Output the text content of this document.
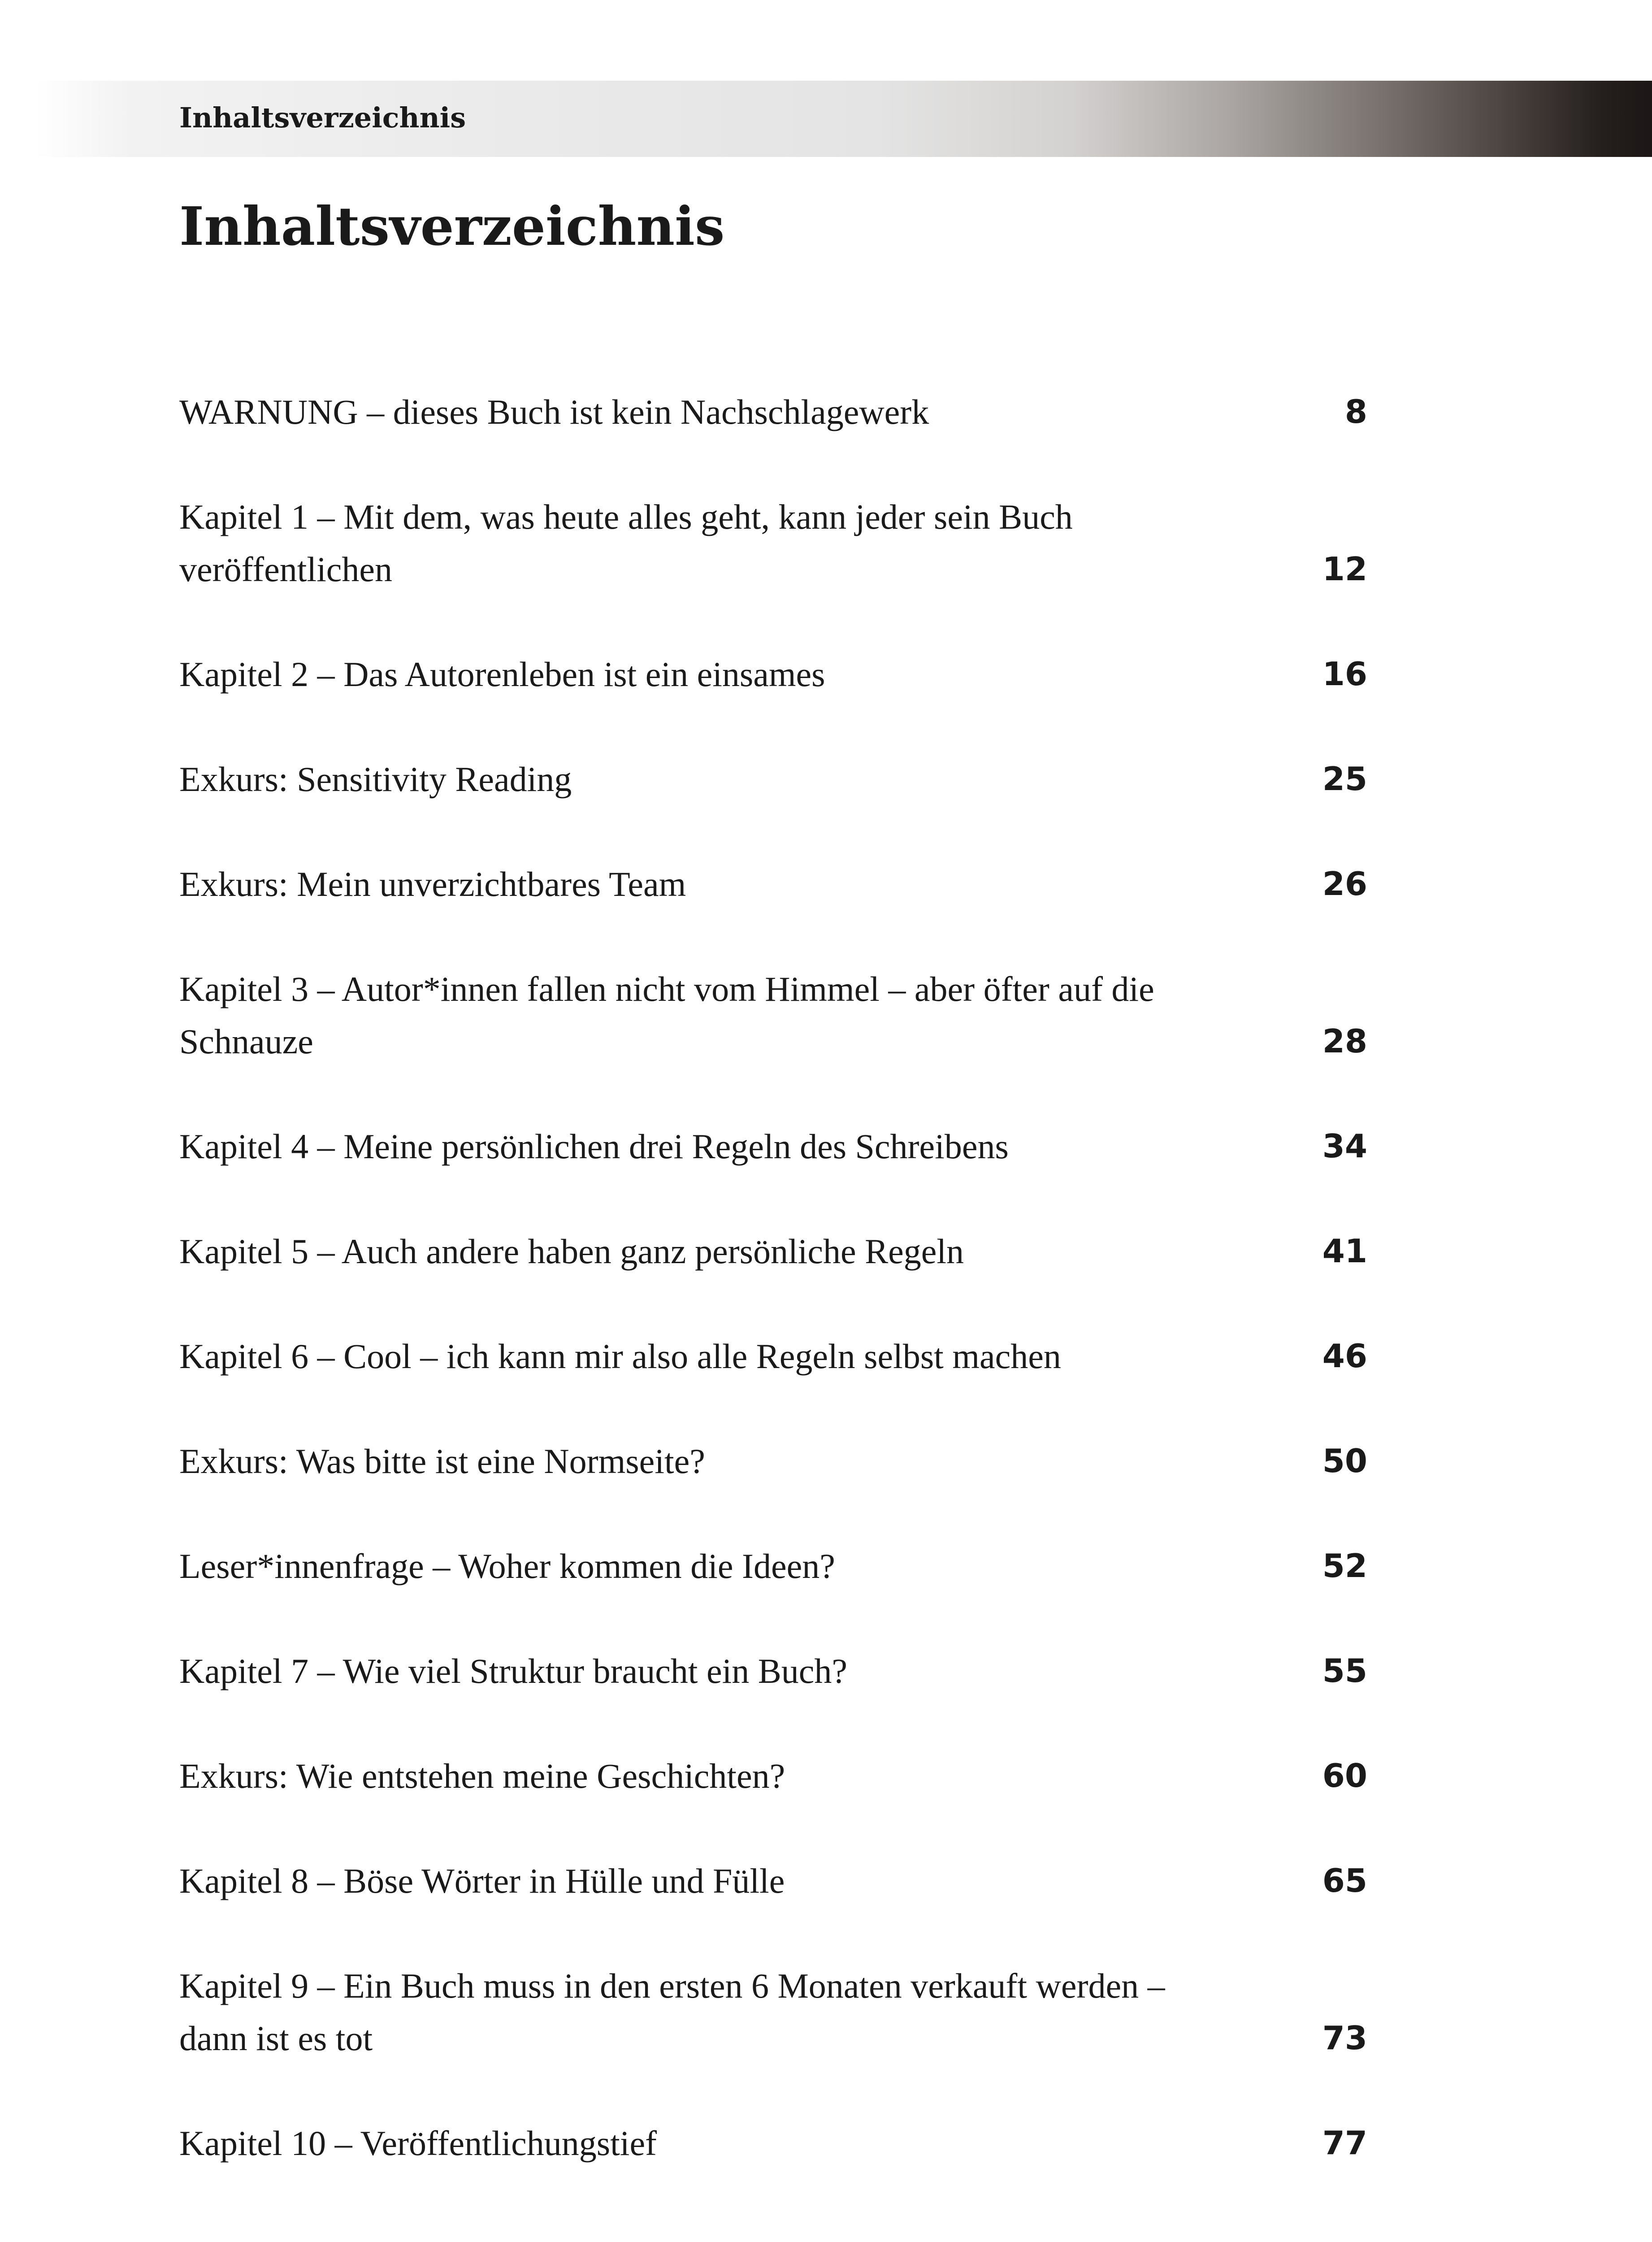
Inhaltsverzeichnis
Inhaltsverzeichnis
WARNUNG – dieses Buch ist kein Nachschlagewerk	8
Kapitel 1 – Mit dem, was heute alles geht, kann jeder sein Buch
veröffentlichen	12
Kapitel 2 – Das Autorenleben ist ein einsames	16
Exkurs: Sensitivity Reading	25
Exkurs: Mein unverzichtbares Team	26
Kapitel 3 – Autor*innen fallen nicht vom Himmel – aber öfter auf die
Schnauze	28
Kapitel 4 – Meine persönlichen drei Regeln des Schreibens	34
Kapitel 5 – Auch andere haben ganz persönliche Regeln	41
Kapitel 6 – Cool – ich kann mir also alle Regeln selbst machen	46
Exkurs: Was bitte ist eine Normseite?	50
Leser*innenfrage – Woher kommen die Ideen?	52
Kapitel 7 – Wie viel Struktur braucht ein Buch?	55
Exkurs: Wie entstehen meine Geschichten?	60
Kapitel 8 – Böse Wörter in Hülle und Fülle	65
Kapitel 9 – Ein Buch muss in den ersten 6 Monaten verkauft werden –
dann ist es tot	73
Kapitel 10 – Veröffentlichungstief	77
